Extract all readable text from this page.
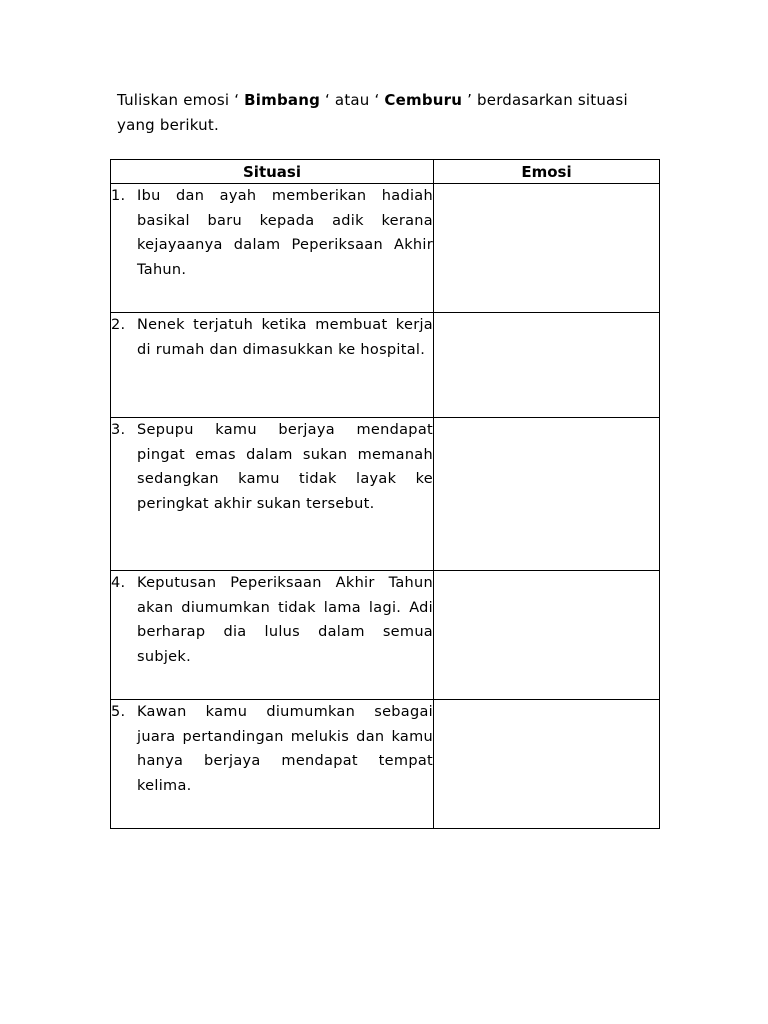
Tuliskan emosi ‘ Bimbang ‘ atau ‘ Cemburu ’ berdasarkan situasi yang berikut.

Situasi	Emosi

1. Ibu dan ayah memberikan hadiah basikal baru kepada adik kerana kejayaanya dalam Peperiksaan Akhir Tahun.	

2. Nenek terjatuh ketika membuat kerja di rumah dan dimasukkan ke hospital.	

3. Sepupu kamu berjaya mendapat pingat emas dalam sukan memanah sedangkan kamu tidak layak ke peringkat akhir sukan tersebut.	

4. Keputusan Peperiksaan Akhir Tahun akan diumumkan tidak lama lagi. Adi berharap dia lulus dalam semua subjek.	

5. Kawan kamu diumumkan sebagai juara pertandingan melukis dan kamu hanya berjaya mendapat tempat kelima.	
